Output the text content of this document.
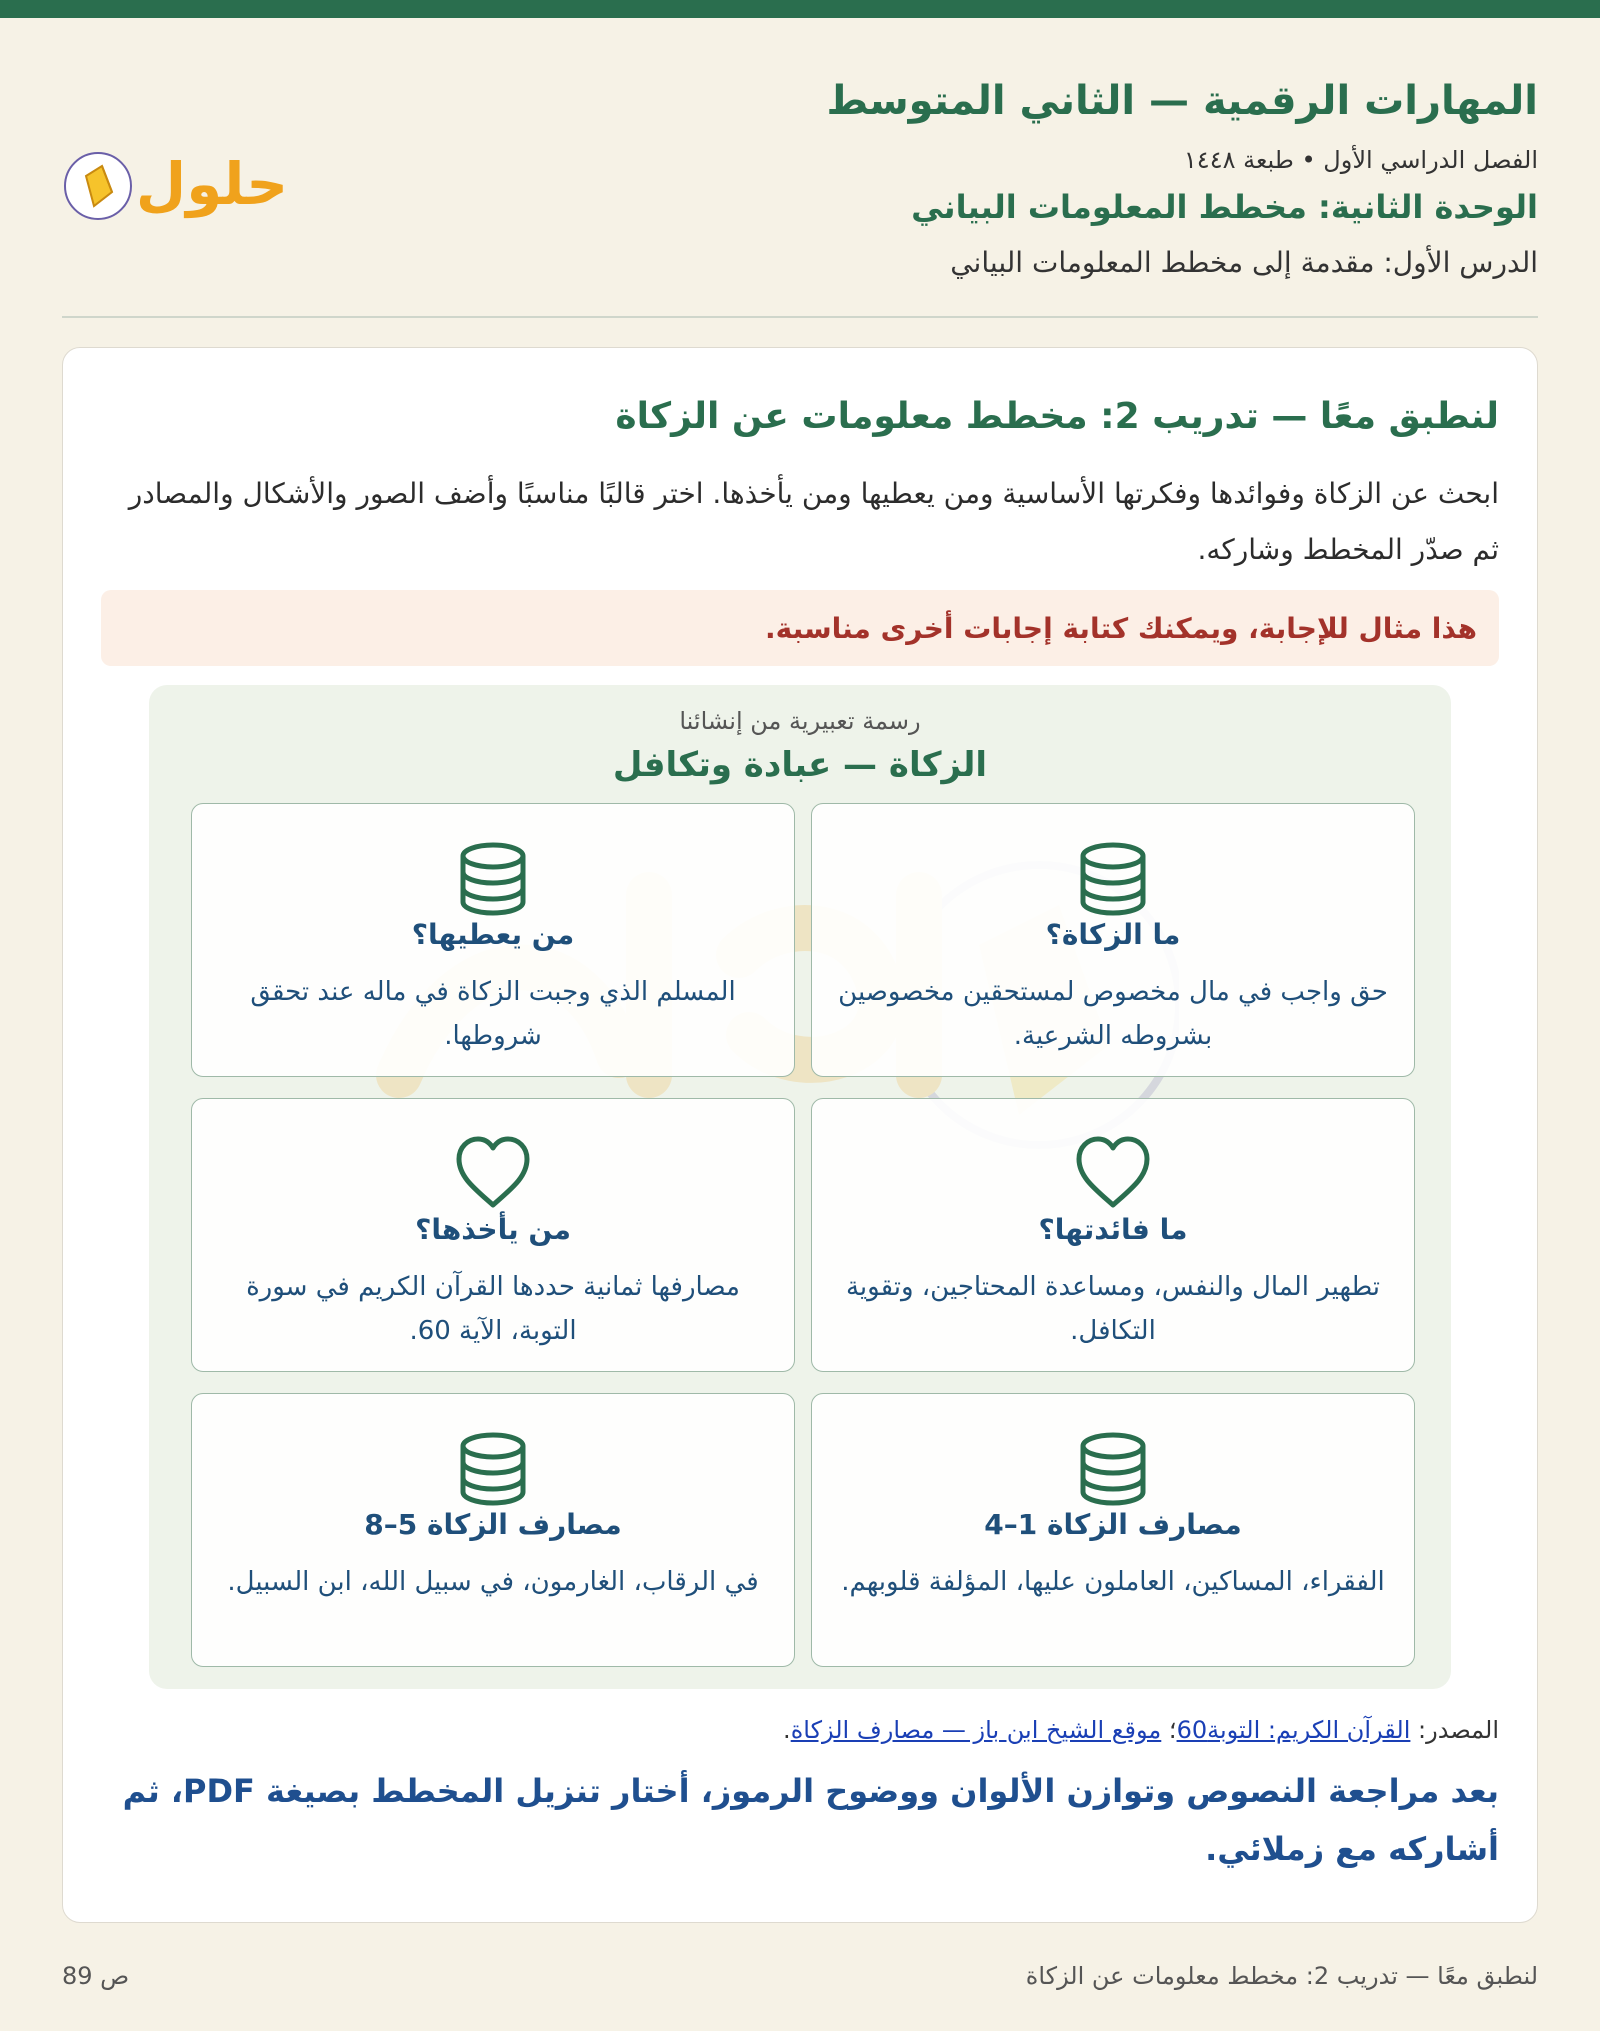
المهارات الرقمية — الثاني المتوسط
الفصل الدراسي الأول • طبعة ١٤٤٨
الوحدة الثانية: مخطط المعلومات البياني
الدرس الأول: مقدمة إلى مخطط المعلومات البياني
حلول
لنطبق معًا — تدريب 2: مخطط معلومات عن الزكاة

ابحث عن الزكاة وفوائدها وفكرتها الأساسية ومن يعطيها ومن يأخذها. اختر قالبًا مناسبًا وأضف الصور والأشكال والمصادر ثم صدّر المخطط وشاركه.

هذا مثال للإجابة، ويمكنك كتابة إجابات أخرى مناسبة.
رسمة تعبيرية من إنشائنا
الزكاة — عبادة وتكافل
ما الزكاة؟
حق واجب في مال مخصوص لمستحقين مخصوصين بشروطه الشرعية.
من يعطيها؟
المسلم الذي وجبت الزكاة في ماله عند تحقق شروطها.
ما فائدتها؟
تطهير المال والنفس، ومساعدة المحتاجين، وتقوية التكافل.
من يأخذها؟
مصارفها ثمانية حددها القرآن الكريم في سورة التوبة، الآية 60.
مصارف الزكاة 1–4
الفقراء، المساكين، العاملون عليها، المؤلفة قلوبهم.
مصارف الزكاة 5–8
في الرقاب، الغارمون، في سبيل الله، ابن السبيل.
المصدر: القرآن الكريم: التوبة60؛ موقع الشيخ ابن باز — مصارف الزكاة.

بعد مراجعة النصوص وتوازن الألوان ووضوح الرموز، أختار تنزيل المخطط بصيغة PDF، ثم أشاركه مع زملائي.

لنطبق معًا — تدريب 2: مخطط معلومات عن الزكاة
ص 89
